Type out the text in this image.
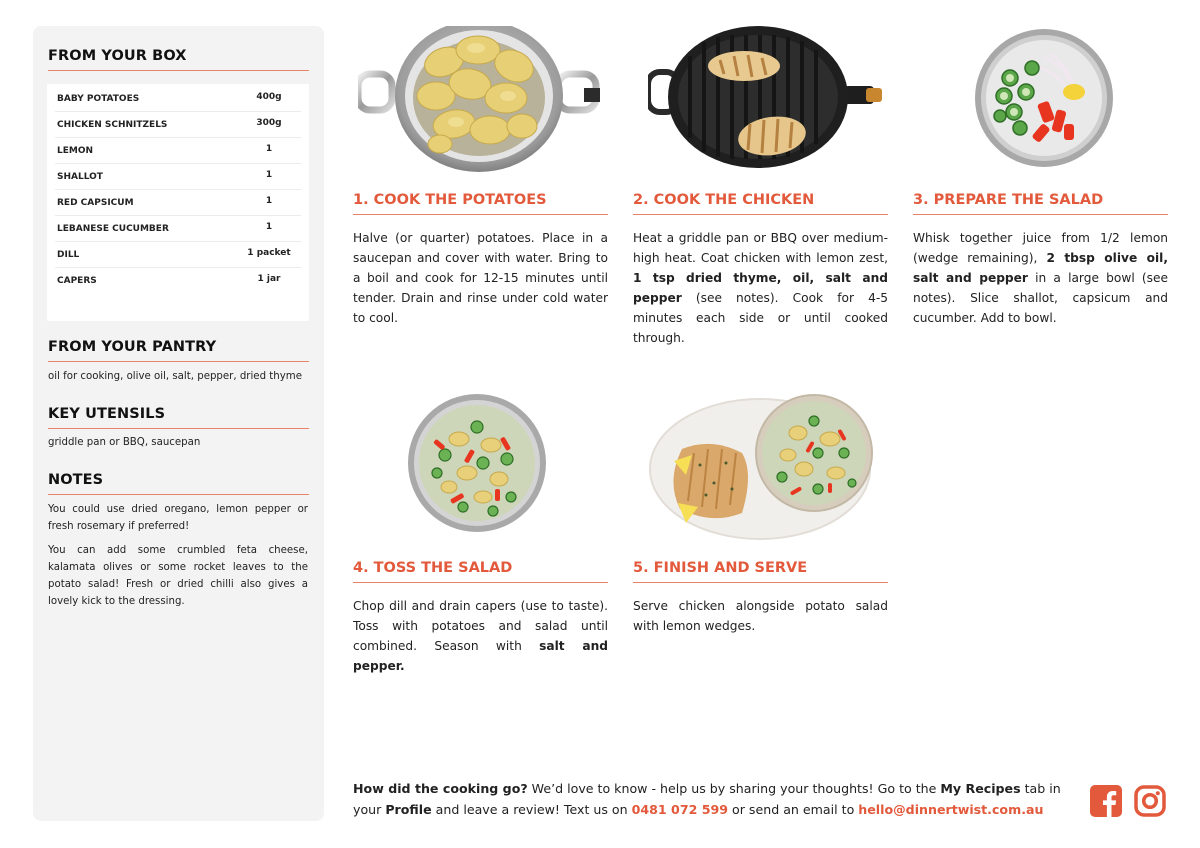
FROM YOUR BOX
BABY POTATOES	400g
CHICKEN SCHNITZELS	300g
LEMON	1
SHALLOT	1
RED CAPSICUM	1
LEBANESE CUCUMBER	1
DILL	1 packet
CAPERS	1 jar
FROM YOUR PANTRY
oil for cooking, olive oil, salt, pepper, dried thyme
KEY UTENSILS
griddle pan or BBQ, saucepan
NOTES
You could use dried oregano, lemon pepper or fresh rosemary if preferred!
You can add some crumbled feta cheese, kalamata olives or some rocket leaves to the potato salad! Fresh or dried chilli also gives a lovely kick to the dressing.
1. COOK THE POTATOES
Halve (or quarter) potatoes. Place in a saucepan and cover with water. Bring to a boil and cook for 12-15 minutes until tender. Drain and rinse under cold water to cool.
2. COOK THE CHICKEN
Heat a griddle pan or BBQ over medium-high heat. Coat chicken with lemon zest, 1 tsp dried thyme, oil, salt and pepper (see notes). Cook for 4-5 minutes each side or until cooked through.
3. PREPARE THE SALAD
Whisk together juice from 1/2 lemon (wedge remaining), 2 tbsp olive oil, salt and pepper in a large bowl (see notes). Slice shallot, capsicum and cucumber. Add to bowl.
4. TOSS THE SALAD
Chop dill and drain capers (use to taste). Toss with potatoes and salad until combined. Season with salt and pepper.
5. FINISH AND SERVE
Serve chicken alongside potato salad with lemon wedges.
How did the cooking go? We’d love to know - help us by sharing your thoughts! Go to the My Recipes tab in your Profile and leave a review! Text us on 0481 072 599 or send an email to hello@dinnertwist.com.au
